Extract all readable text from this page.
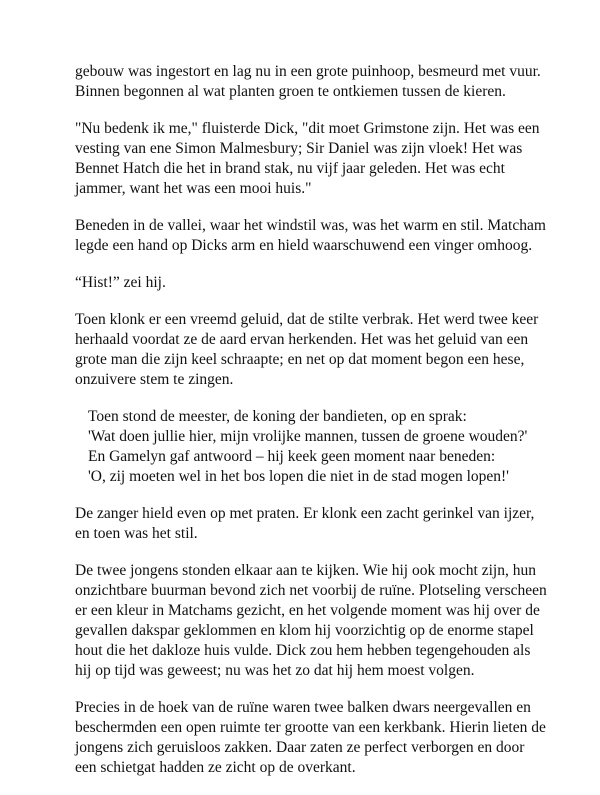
gebouw was ingestort en lag nu in een grote puinhoop, besmeurd met vuur.
Binnen begonnen al wat planten groen te ontkiemen tussen de kieren.

"Nu bedenk ik me," fluisterde Dick, "dit moet Grimstone zijn. Het was een
vesting van ene Simon Malmesbury; Sir Daniel was zijn vloek! Het was
Bennet Hatch die het in brand stak, nu vijf jaar geleden. Het was echt
jammer, want het was een mooi huis."

Beneden in de vallei, waar het windstil was, was het warm en stil. Matcham
legde een hand op Dicks arm en hield waarschuwend een vinger omhoog.

“Hist!” zei hij.

Toen klonk er een vreemd geluid, dat de stilte verbrak. Het werd twee keer
herhaald voordat ze de aard ervan herkenden. Het was het geluid van een
grote man die zijn keel schraapte; en net op dat moment begon een hese,
onzuivere stem te zingen.

Toen stond de meester, de koning der bandieten, op en sprak:
'Wat doen jullie hier, mijn vrolijke mannen, tussen de groene wouden?'
En Gamelyn gaf antwoord – hij keek geen moment naar beneden:
'O, zij moeten wel in het bos lopen die niet in de stad mogen lopen!'

De zanger hield even op met praten. Er klonk een zacht gerinkel van ijzer,
en toen was het stil.

De twee jongens stonden elkaar aan te kijken. Wie hij ook mocht zijn, hun
onzichtbare buurman bevond zich net voorbij de ruïne. Plotseling verscheen
er een kleur in Matchams gezicht, en het volgende moment was hij over de
gevallen dakspar geklommen en klom hij voorzichtig op de enorme stapel
hout die het dakloze huis vulde. Dick zou hem hebben tegengehouden als
hij op tijd was geweest; nu was het zo dat hij hem moest volgen.

Precies in de hoek van de ruïne waren twee balken dwars neergevallen en
beschermden een open ruimte ter grootte van een kerkbank. Hierin lieten de
jongens zich geruisloos zakken. Daar zaten ze perfect verborgen en door
een schietgat hadden ze zicht op de overkant.
